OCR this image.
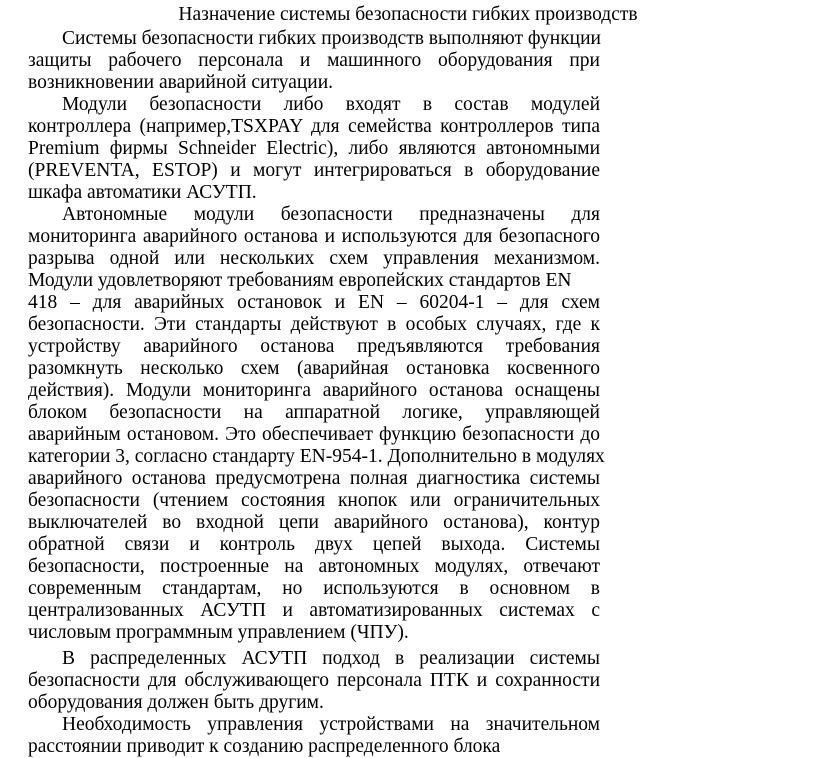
Назначение системы безопасности гибких производств
Системы безопасности гибких производств выполняют функции
защиты рабочего персонала и машинного оборудования при
возникновении аварийной ситуации.
Модули безопасности либо входят в состав модулей
контроллера (например,TSXPAY для семейства контроллеров типа
Premium фирмы Schneider Electric), либо являются автономными
(PREVENTA, ESTOP) и могут интегрироваться в оборудование
шкафа автоматики АСУТП.
Автономные модули безопасности предназначены для
мониторинга аварийного останова и используются для безопасного
разрыва одной или нескольких схем управления механизмом.
Модули удовлетворяют требованиям европейских стандартов EN
418 – для аварийных остановок и EN – 60204-1 – для схем
безопасности. Эти стандарты действуют в особых случаях, где к
устройству аварийного останова предъявляются требования
разомкнуть несколько схем (аварийная остановка косвенного
действия). Модули мониторинга аварийного останова оснащены
блоком безопасности на аппаратной логике, управляющей
аварийным остановом. Это обеспечивает функцию безопасности до
категории 3, согласно стандарту EN-954-1. Дополнительно в модулях
аварийного останова предусмотрена полная диагностика системы
безопасности (чтением состояния кнопок или ограничительных
выключателей во входной цепи аварийного останова), контур
обратной связи и контроль двух цепей выхода. Системы
безопасности, построенные на автономных модулях, отвечают
современным стандартам, но используются в основном в
централизованных АСУТП и автоматизированных системах с
числовым программным управлением (ЧПУ).
В распределенных АСУТП подход в реализации системы
безопасности для обслуживающего персонала ПТК и сохранности
оборудования должен быть другим.
Необходимость управления устройствами на значительном
расстоянии приводит к созданию распределенного блока
